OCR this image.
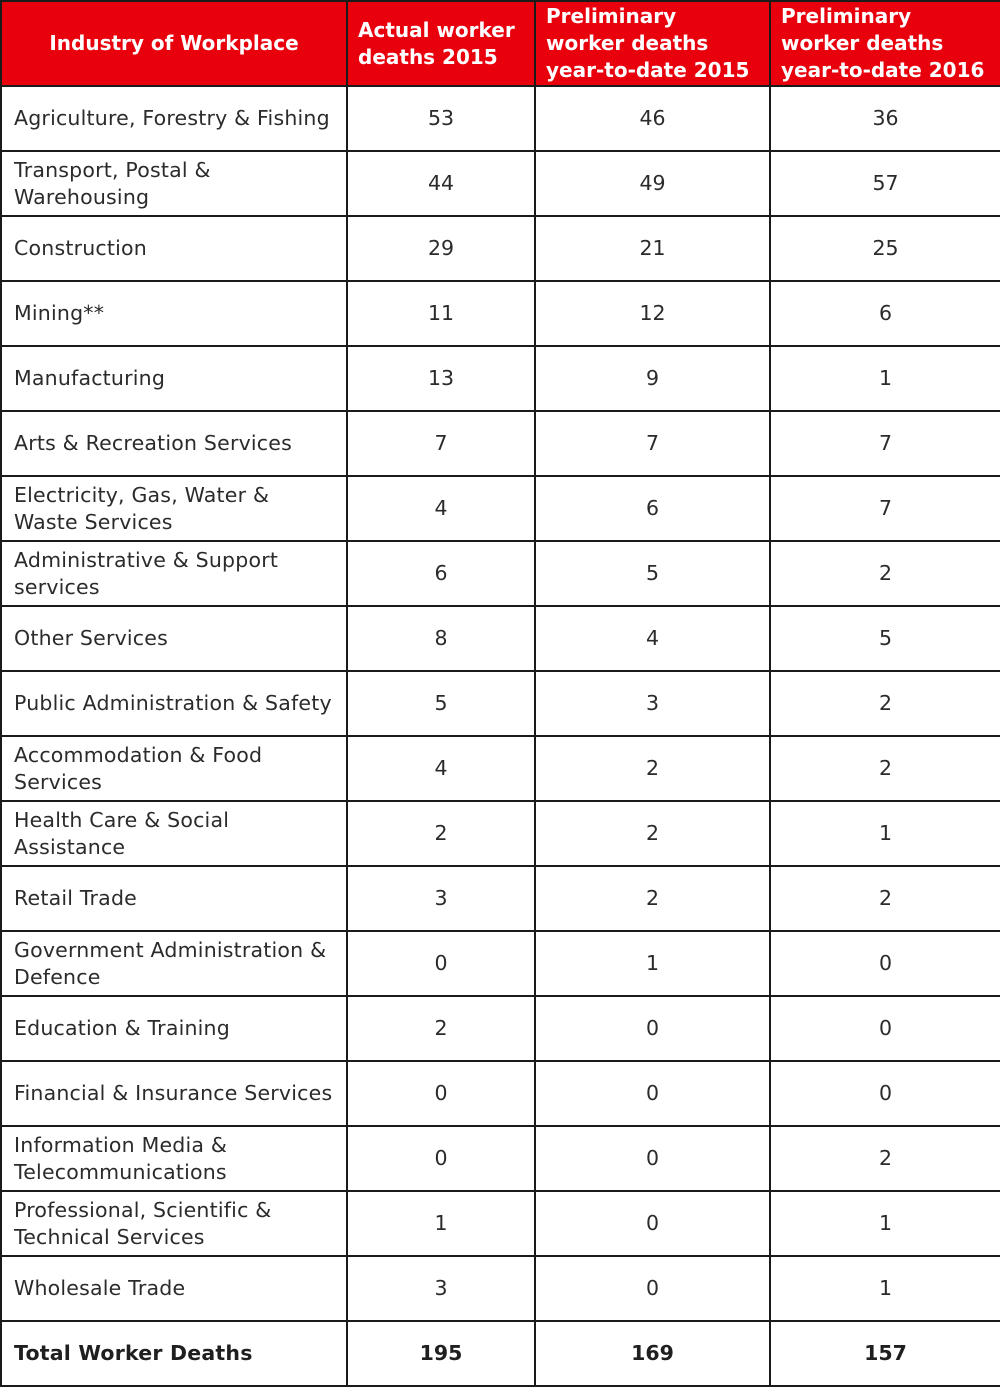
Industry of Workplace	Actual worker deaths 2015	Preliminary worker deaths year-to-date 2015	Preliminary worker deaths year-to-date 2016
Agriculture, Forestry & Fishing	53	46	36
Transport, Postal & Warehousing	44	49	57
Construction	29	21	25
Mining**	11	12	6
Manufacturing	13	9	1
Arts & Recreation Services	7	7	7
Electricity, Gas, Water & Waste Services	4	6	7
Administrative & Support services	6	5	2
Other Services	8	4	5
Public Administration & Safety	5	3	2
Accommodation & Food Services	4	2	2
Health Care & Social Assistance	2	2	1
Retail Trade	3	2	2
Government Administration & Defence	0	1	0
Education & Training	2	0	0
Financial & Insurance Services	0	0	0
Information Media & Telecommunications	0	0	2
Professional, Scientific & Technical Services	1	0	1
Wholesale Trade	3	0	1
Total Worker Deaths	195	169	157
